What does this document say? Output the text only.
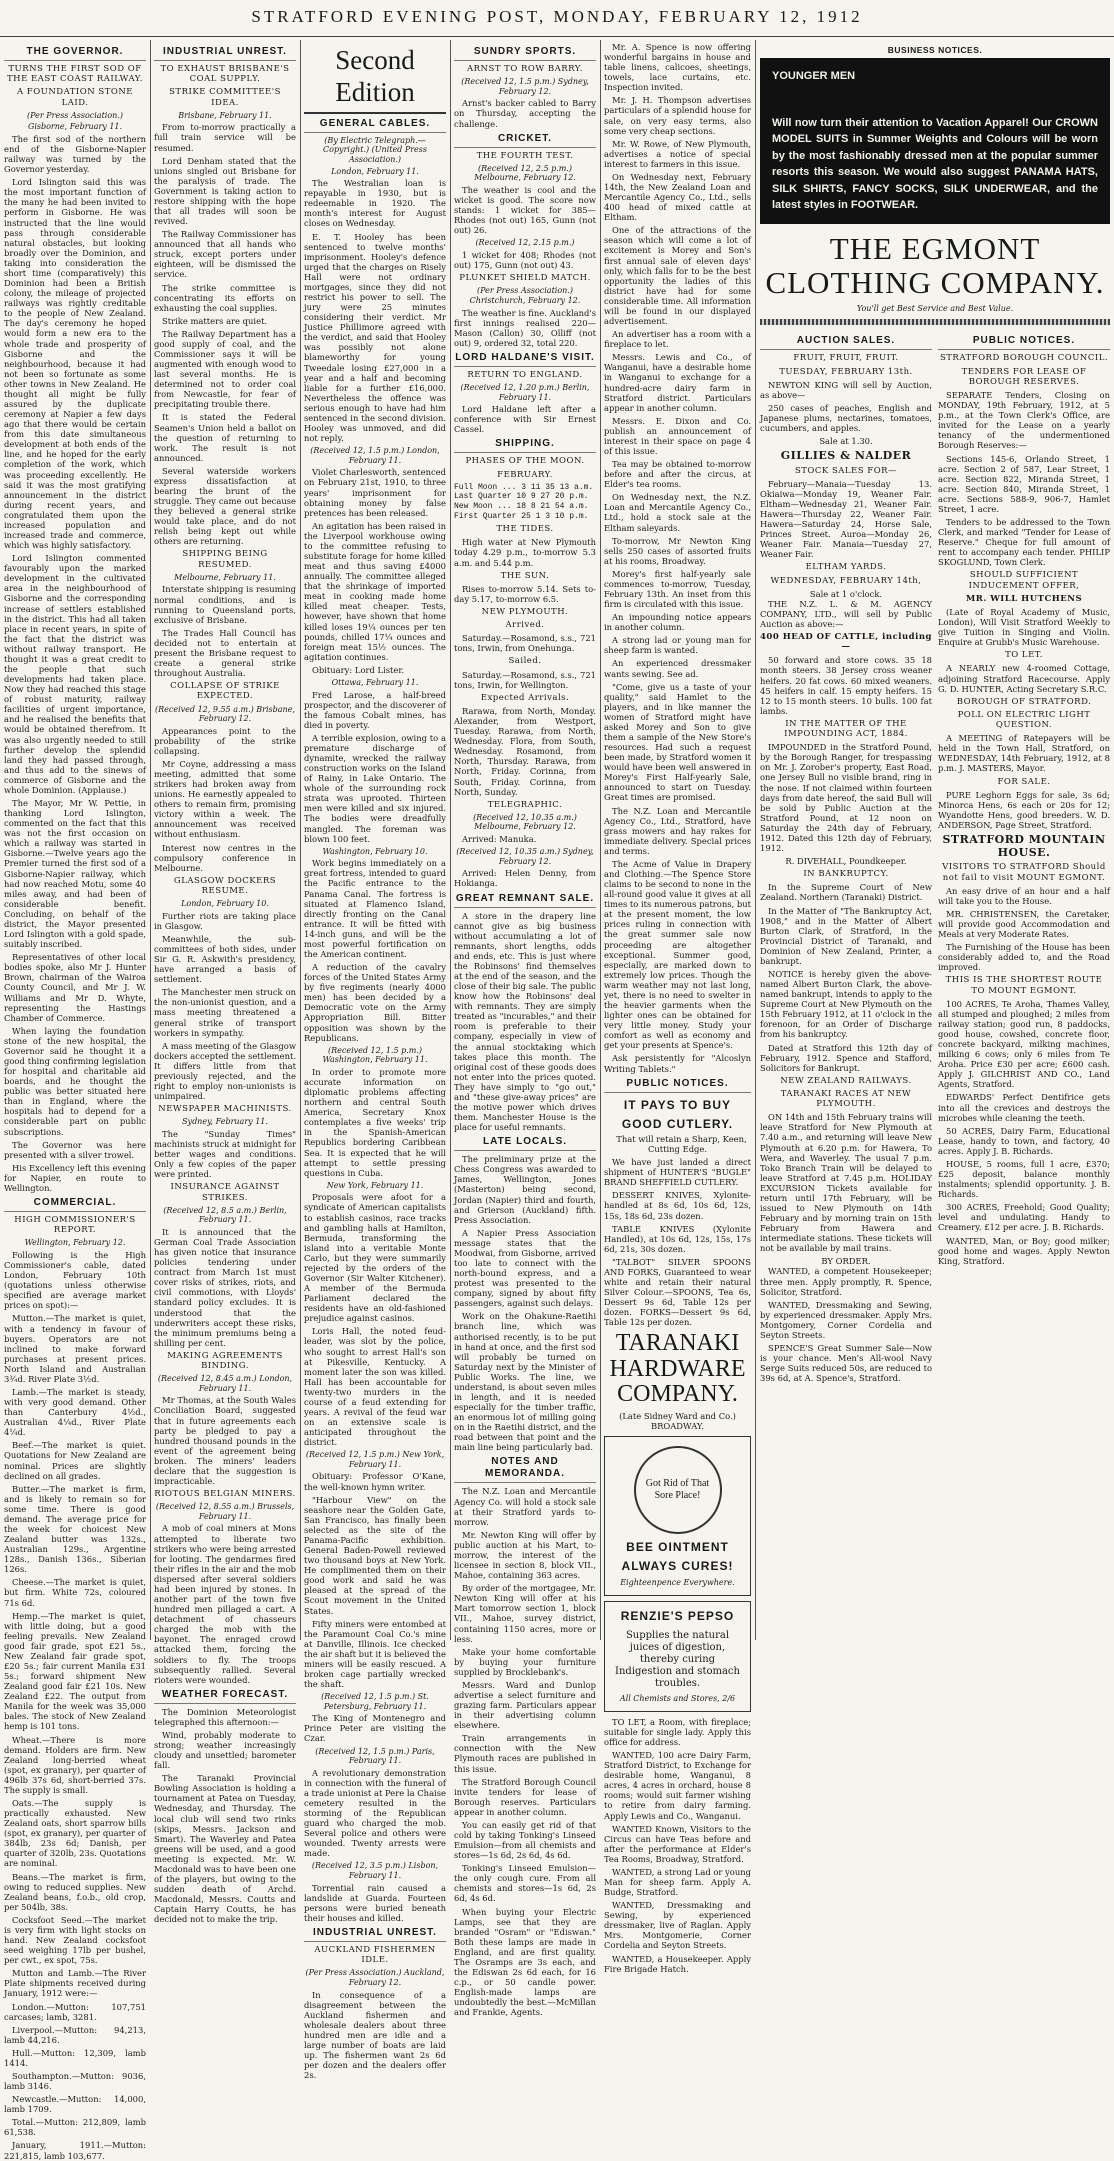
STRATFORD EVENING POST, MONDAY, FEBRUARY 12, 1912
THE GOVERNOR.
TURNS THE FIRST SOD OF THE EAST COAST RAILWAY.
A FOUNDATION STONE LAID.
(Per Press Association.)
Gisborne, February 11.

The first sod of the northern end of the Gisborne-Napier railway was turned by the Governor yesterday.

Lord Islington said this was the most important function of the many he had been invited to perform in Gisborne. He was instructed that the line would pass through considerable natural obstacles, but looking broadly over the Dominion, and taking into consideration the short time (comparatively) this Dominion had been a British colony, the mileage of projected railways was rightly creditable to the people of New Zealand. The day's ceremony he hoped would form a new era to the whole trade and prosperity of Gisborne and the neighbourhood, because it had not been so fortunate as some other towns in New Zealand. He thought all might be fully assured by the duplicate ceremony at Napier a few days ago that there would be certain from this date simultaneous development at both ends of the line, and he hoped for the early completion of the work, which was proceeding excellently. He said it was the most gratifying announcement in the district during recent years, and congratulated them upon the increased population and increased trade and commerce, which was highly satisfactory.

Lord Islington commented favourably upon the marked development in the cultivated area in the neighbourhood of Gisborne and the corresponding increase of settlers established in the district. This had all taken place in recent years, in spite of the fact that the district was without railway transport. He thought it was a great credit to the people that such developments had taken place. Now they had reached this stage of robust maturity, railway facilities of urgent importance, and he realised the benefits that would be obtained therefrom. It was also urgently needed to still further develop the splendid land they had passed through, and thus add to the sinews of commerce of Gisborne and the whole Dominion. (Applause.)

The Mayor, Mr W. Pettie, in thanking Lord Islington, commented on the fact that this was not the first occasion on which a railway was started in Gisborne.—Twelve years ago the Premier turned the first sod of a Gisborne-Napier railway, which had now reached Motu, some 40 miles away, and had been of considerable benefit. Concluding, on behalf of the district, the Mayor presented Lord Islington with a gold spade, suitably inscribed.

Representatives of other local bodies spoke, also Mr J. Hunter Brown, chairman of the Wairoa County Council, and Mr J. W. Williams and Mr D. Whyte, representing the Hastings Chamber of Commerce.

When laying the foundation stone of the new hospital, the Governor said he thought it a good thing confirming legislation for hospital and charitable aid boards, and he thought the public was better situated here than in England, where the hospitals had to depend for a considerable part on public subscriptions.

The Governor was here presented with a silver trowel.

His Excellency left this evening for Napier, en route to Wellington.

COMMERCIAL.
HIGH COMMISSIONER'S REPORT.
Wellington, February 12.

Following is the High Commissioner's cable, dated London, February 10th (quotations unless otherwise specified are average market prices on spot):—

Mutton.—The market is quiet, with a tendency in favour of buyers. Operators are not inclined to make forward purchases at present prices. North Island and Australian 3¾d. River Plate 3½d.

Lamb.—The market is steady, with very good demand. Other than Canterbury 4½d., Australian 4¼d., River Plate 4¼d.

Beef.—The market is quiet. Quotations for New Zealand are nominal. Prices are slightly declined on all grades.

Butter.—The market is firm, and is likely to remain so for some time. There is good demand. The average price for the week for choicest New Zealand butter was 132s., Australian 129s., Argentine 128s., Danish 136s., Siberian 126s.

Cheese.—The market is quiet, but firm. White 72s, coloured 71s 6d.

Hemp.—The market is quiet, with little doing, but a good feeling prevails. New Zealand good fair grade, spot £21 5s., New Zealand fair grade spot, £20 5s.; fair current Manila £31 5s.; forward shipment New Zealand good fair £21 10s. New Zealand £22. The output from Manila for the week was 35,000 bales. The stock of New Zealand hemp is 101 tons.

Wheat.—There is more demand. Holders are firm. New Zealand long-berried wheat (spot, ex granary), per quarter of 496lb 37s 6d, short-berried 37s. The supply is small.

Oats.—The supply is practically exhausted. New Zealand oats, short sparrow bills (spot, ex granary), per quarter of 384lb, 23s 6d; Danish, per quarter of 320lb, 23s. Quotations are nominal.

Beans.—The market is firm, owing to reduced supplies. New Zealand beans, f.o.b., old crop, per 504lb, 38s.

Cocksfoot Seed.—The market is very firm with light stocks on hand. New Zealand cocksfoot seed weighing 17lb per bushel, per cwt., ex spot, 75s.

Mutton and Lamb.—The River Plate shipments received during January, 1912 were:—

London.—Mutton: 107,751 carcases; lamb, 3281.

Liverpool.—Mutton: 94,213, lamb 44,216.

Hull.—Mutton: 12,309, lamb 1414.

Southampton.—Mutton: 9036, lamb 3146.

Newcastle.—Mutton: 14,000, lamb 1709.

Total.—Mutton: 212,809, lamb 61,538.

January, 1911.—Mutton: 221,815, lamb 103,677.

INDUSTRIAL UNREST.
TO EXHAUST BRISBANE'S COAL SUPPLY.
STRIKE COMMITTEE'S IDEA.
Brisbane, February 11.

From to-morrow practically a full train service will be resumed.

Lord Denham stated that the unions singled out Brisbane for the paralysis of trade. The Government is taking action to restore shipping with the hope that all trades will soon be revived.

The Railway Commissioner has announced that all hands who struck, except porters under eighteen, will be dismissed the service.

The strike committee is concentrating its efforts on exhausting the coal supplies.

Strike matters are quiet.

The Railway Department has a good supply of coal, and the Commissioner says it will be augmented with enough wood to last several months. He is determined not to order coal from Newcastle, for fear of precipitating trouble there.

It is stated the Federal Seamen's Union held a ballot on the question of returning to work. The result is not announced.

Several waterside workers express dissatisfaction at bearing the brunt of the struggle. They came out because they believed a general strike would take place, and do not relish being kept out while others are returning.

SHIPPING BEING RESUMED.
Melbourne, February 11.

Interstate shipping is resuming normal conditions, and is running to Queensland ports, exclusive of Brisbane.

The Trades Hall Council has decided not to entertain at present the Brisbane request to create a general strike throughout Australia.

COLLAPSE OF STRIKE EXPECTED.
(Received 12, 9.55 a.m.) Brisbane, February 12.

Appearances point to the probability of the strike collapsing.

Mr Coyne, addressing a mass meeting, admitted that some strikers had broken away from unions. He earnestly appealed to others to remain firm, promising victory within a week. The announcement was received without enthusiasm.

Interest now centres in the compulsory conference in Melbourne.

GLASGOW DOCKERS RESUME.
London, February 10.

Further riots are taking place in Glasgow.

Meanwhile, the sub-committees of both sides, under Sir G. R. Askwith's presidency, have arranged a basis of settlement.

The Manchester men struck on the non-unionist question, and a mass meeting threatened a general strike of transport workers in sympathy.

A mass meeting of the Glasgow dockers accepted the settlement. It differs little from that previously rejected, and the right to employ non-unionists is unimpaired.

NEWSPAPER MACHINISTS.
Sydney, February 11.

The "Sunday Times" machinists struck at midnight for better wages and conditions. Only a few copies of the paper were printed.

INSURANCE AGAINST STRIKES.
(Received 12, 8.5 a.m.) Berlin, February 11.

It is announced that the German Coal Trade Association has given notice that insurance policies tendering under contract from March 1st must cover risks of strikes, riots, and civil commotions, with Lloyds' standard policy excludes. It is understood that the underwriters accept these risks, the minimum premiums being a shilling per cent.

MAKING AGREEMENTS BINDING.
(Received 12, 8.45 a.m.) London, February 11.

Mr Thomas, at the South Wales Conciliation Board, suggested that in future agreements each party be pledged to pay a hundred thousand pounds in the event of the agreement being broken. The miners' leaders declare that the suggestion is impracticable.

RIOTOUS BELGIAN MINERS.
(Received 12, 8.55 a.m.) Brussels, February 11.

A mob of coal miners at Mons attempted to liberate two strikers who were being arrested for looting. The gendarmes fired their rifles in the air and the mob dispersed after several soldiers had been injured by stones. In another part of the town five hundred men pillaged a cart. A detachment of chasseurs charged the mob with the bayonet. The enraged crowd attacked them, forcing the soldiers to fly. The troops subsequently rallied. Several rioters were wounded.

WEATHER FORECAST.

The Dominion Meteorologist telegraphed this afternoon:—

Wind, probably moderate to strong; weather increasingly cloudy and unsettled; barometer fall.

The Taranaki Provincial Bowling Association is holding a tournament at Patea on Tuesday, Wednesday, and Thursday. The local club will send two rinks (skips, Messrs. Jackson and Smart). The Waverley and Patea greens will be used, and a good meeting is expected. Mr. W. Macdonald was to have been one of the players, but owing to the sudden death of Archd. Macdonald, Messrs. Coutts and Captain Harry Coutts, he has decided not to make the trip.

Second Edition
GENERAL CABLES.
(By Electric Telegraph.—Copyright.) (United Press Association.)
London, February 11.

The Westralian loan is repayable in 1930, but is redeemable in 1920. The month's interest for August closes on Wednesday.

E. T. Hooley has been sentenced to twelve months' imprisonment. Hooley's defence urged that the charges on Risely Hall were not ordinary mortgages, since they did not restrict his power to sell. The jury were 25 minutes considering their verdict. Mr Justice Phillimore agreed with the verdict, and said that Hooley was possibly not alone blameworthy for young Tweedale losing £27,000 in a year and a half and becoming liable for a further £16,000. Nevertheless the offence was serious enough to have had him sentenced in the second division. Hooley was unmoved, and did not reply.

(Received 12, 1.5 p.m.) London, February 11.

Violet Charlesworth, sentenced on February 21st, 1910, to three years' imprisonment for obtaining money by false pretences has been released.

An agitation has been raised in the Liverpool workhouse owing to the committee refusing to substitute forage for home killed meat and thus saving £4000 annually. The committee alleged that the shrinkage of imported meat in cooking made home killed meat cheaper. Tests, however, have shown that home killed loses 19¼ ounces per ten pounds, chilled 17¼ ounces and foreign meat 15½ ounces. The agitation continues.

Obituary: Lord Lister.

Ottawa, February 11.

Fred Larose, a half-breed prospector, and the discoverer of the famous Cobalt mines, has died in poverty.

A terrible explosion, owing to a premature discharge of dynamite, wrecked the railway construction works on the Island of Rainy, in Lake Ontario. The whole of the surrounding rock strata was uprooted. Thirteen men were killed and six injured. The bodies were dreadfully mangled. The foreman was blown 100 feet.

Washington, February 10.

Work begins immediately on a great fortress, intended to guard the Pacific entrance to the Panama Canal. The fortress is situated at Flamenco Island, directly fronting on the Canal entrance. It will be fitted with 14-inch guns, and will be the most powerful fortification on the American continent.

A reduction of the cavalry forces of the United States Army by five regiments (nearly 4000 men) has been decided by a Democratic vote on the Army Appropriation Bill. Bitter opposition was shown by the Republicans.

(Received 12, 1.5 p.m.) Washington, February 11.

In order to promote more accurate information on diplomatic problems affecting northern and central South America, Secretary Knox contemplates a five weeks' trip in the Spanish-American Republics bordering Caribbean Sea. It is expected that he will attempt to settle pressing questions in Cuba.

New York, February 11.

Proposals were afoot for a syndicate of American capitalists to establish casinos, race tracks and gambling halls at Hamilton, Bermuda, transforming the island into a veritable Monte Carlo, but they were summarily rejected by the orders of the Governor (Sir Walter Kitchener). A member of the Bermuda Parliament declared the residents have an old-fashioned prejudice against casinos.

Loris Hall, the noted feud-leader, was slot by the police, who sought to arrest Hall's son at Pikesville, Kentucky. A moment later the son was killed. Hall has been accountable for twenty-two murders in the course of a feud extending for years. A revival of the feud war on an extensive scale is anticipated throughout the district.

(Received 12, 1.5 p.m.) New York, February 11.

Obituary: Professor O'Kane, the well-known hymn writer.

"Harbour View" on the seashore near the Golden Gate, San Francisco, has finally been selected as the site of the Panama-Pacific exhibition. General Baden-Powell reviewed two thousand boys at New York. He complimented them on their good work and said he was pleased at the spread of the Scout movement in the United States.

Fifty miners were entombed at the Paramount Coal Co.'s mine at Danville, Illinois. Ice checked the air shaft but it is believed the miners will be easily rescued. A broken cage partially wrecked the shaft.

(Received 12, 1.5 p.m.) St. Petersburg, February 11.

The King of Montenegro and Prince Peter are visiting the Czar.

(Received 12, 1.5 p.m.) Paris, February 11.

A revolutionary demonstration in connection with the funeral of a trade unionist at Pere la Chaise cemetery resulted in the storming of the Republican guard who charged the mob. Several police and others were wounded. Twenty arrests were made.

(Received 12, 3.5 p.m.) Lisbon, February 11.

Torrential rain caused a landslide at Guarda. Fourteen persons were buried beneath their houses and killed.

INDUSTRIAL UNREST.
AUCKLAND FISHERMEN IDLE.
(Per Press Association.) Auckland, February 12.

In consequence of a disagreement between the Auckland fishermen and wholesale dealers about three hundred men are idle and a large number of boats are laid up. The fishermen want 2s 6d per dozen and the dealers offer 2s.

SUNDRY SPORTS.
ARNST TO ROW BARRY.
(Received 12, 1.5 p.m.) Sydney, February 12.

Arnst's backer cabled to Barry on Thursday, accepting the challenge.

CRICKET.
THE FOURTH TEST.
(Received 12, 2.5 p.m.) Melbourne, February 12.

The weather is cool and the wicket is good. The score now stands: 1 wicket for 385—Rhodes (not out) 165, Gunn (not out) 26.

(Received 12, 2.15 p.m.)

1 wicket for 408; Rhodes (not out) 175, Gunn (not out) 43.

PLUNKET SHIELD MATCH.
(Per Press Association.) Christchurch, February 12.

The weather is fine. Auckland's first innings realised 220—Mason (Callon) 30, Olliff (not out) 9, ordered 32, total 220.

LORD HALDANE'S VISIT.
RETURN TO ENGLAND.
(Received 12, 1.20 p.m.) Berlin, February 11.

Lord Haldane left after a conference with Sir Ernest Cassel.

SHIPPING.
PHASES OF THE MOON.
FEBRUARY.
Full Moon ... 3 11 35 13 a.m.
Last Quarter 10 9 27 20 p.m.
New Moon ... 18 8 21 54 a.m.
First Quarter 25 1 3 10 p.m.
THE TIDES.

High water at New Plymouth today 4.29 p.m., to-morrow 5.3 a.m. and 5.44 p.m.

THE SUN.

Rises to-morrow 5.14. Sets to-day 5.17, to-morrow 6.5.

NEW PLYMOUTH.
Arrived.

Saturday.—Rosamond, s.s., 721 tons, Irwin, from Onehunga.

Sailed.

Saturday.—Rosamond, s.s., 721 tons, Irwin, for Wellington.

Expected Arrivals.

Rarawa, from North, Monday. Alexander, from Westport, Tuesday. Rarawa, from North, Wednesday. Flora, from South, Wednesday. Rosamond, from North, Thursday. Rarawa, from North, Friday. Corinna, from South, Friday. Corinna, from North, Sunday.

TELEGRAPHIC.
(Received 12, 10.35 a.m.) Melbourne, February 12.

Arrived: Manuka.

(Received 12, 10.35 a.m.) Sydney, February 12.

Arrived: Helen Denny, from Hokianga.

GREAT REMNANT SALE.

A store in the drapery line cannot give as big business without accumulating a lot of remnants, short lengths, odds and ends, etc. This is just where the Robinsons' find themselves at the end of the season, and the close of their big sale. The public know how the Robinsons' deal with remnants. They are simply treated as "incurables," and their room is preferable to their company, especially in view of the annual stocktaking which takes place this month. The original cost of these goods does not enter into the prices quoted. They have simply to "go out," and "these give-away prices" are the motive power which drives them. Manchester House is the place for useful remnants.

LATE LOCALS.

The preliminary prize at the Chess Congress was awarded to James, Wellington, Jones (Masterton) being second, Jordan (Napier) third and fourth, and Grierson (Auckland) fifth. Press Association.

A Napier Press Association message states that the Moodwai, from Gisborne, arrived too late to connect with the north-bound express, and a protest was presented to the company, signed by about fifty passengers, against such delays.

Work on the Ohakune-Raetihi branch line, which was authorised recently, is to be put in hand at once, and the first sod will probably be turned on Saturday next by the Minister of Public Works. The line, we understand, is about seven miles in length, and it is needed especially for the timber traffic, an enormous lot of milling going on in the Raetihi district, and the road between that point and the main line being particularly bad.

NOTES AND MEMORANDA.

The N.Z. Loan and Mercantile Agency Co. will hold a stock sale at their Stratford yards to-morrow.

Mr. Newton King will offer by public auction at his Mart, to-morrow, the interest of the licensee in section 8, block VII., Mahoe, containing 363 acres.

By order of the mortgagee, Mr. Newton King will offer at his Mart tomorrow section 1, block VII., Mahoe, survey district, containing 1150 acres, more or less.

Make your home comfortable by buying your furniture supplied by Brocklebank's.

Messrs. Ward and Dunlop advertise a select furniture and grazing farm. Particulars appear in their advertising column elsewhere.

Train arrangements in connection with the New Plymouth races are published in this issue.

The Stratford Borough Council invite tenders for lease of Borough reserves. Particulars appear in another column.

You can easily get rid of that cold by taking Tonking's Linseed Emulsion—from all chemists and stores—1s 6d, 2s 6d, 4s 6d.

Tonking's Linseed Emulsion—the only cough cure. From all chemists and stores—1s 6d, 2s 6d, 4s 6d.

When buying your Electric Lamps, see that they are branded "Osram" or "Ediswan." Both these lamps are made in England, and are first quality. The Osramps are 3s each, and the Ediswan 2s 6d each, for 16 c.p., or 50 candle power. English-made lamps are undoubtedly the best.—McMillan and Frankie, Agents.

Mr. A. Spence is now offering wonderful bargains in house and table linens, calicoes, sheetings, towels, lace curtains, etc. Inspection invited.

Mr. J. H. Thompson advertises particulars of a splendid house for sale, on very easy terms, also some very cheap sections.

Mr. W. Rowe, of New Plymouth, advertises a notice of special interest to farmers in this issue.

On Wednesday next, February 14th, the New Zealand Loan and Mercantile Agency Co., Ltd., sells 400 head of mixed cattle at Eltham.

One of the attractions of the season which will come a lot of excitement is Morey and Son's first annual sale of eleven days' only, which falls for to be the best opportunity the ladies of this district have had for some considerable time. All information will be found in our displayed advertisement.

An advertiser has a room with a fireplace to let.

Messrs. Lewis and Co., of Wanganui, have a desirable home in Wanganui to exchange for a hundred-acre dairy farm in Stratford district. Particulars appear in another column.

Messrs. E. Dixon and Co. publish an announcement of interest in their space on page 4 of this issue.

Tea may be obtained to-morrow before and after the circus, at Elder's tea rooms.

On Wednesday next, the N.Z. Loan and Mercantile Agency Co., Ltd., hold a stock sale at the Eltham saleyards.

To-morrow, Mr Newton King sells 250 cases of assorted fruits at his rooms, Broadway.

Morey's first half-yearly sale commences to-morrow, Tuesday, February 13th. An inset from this firm is circulated with this issue.

An impounding notice appears in another column.

A strong lad or young man for sheep farm is wanted.

An experienced dressmaker wants sewing. See ad.

"Come, give us a taste of your quality," said Hamlet to the players, and in like manner the women of Stratford might have asked Morey and Son to give them a sample of the New Store's resources. Had such a request been made, by Stratford women it would have been well answered in Morey's First Half-yearly Sale, announced to start on Tuesday. Great times are promised.

The N.Z. Loan and Mercantile Agency Co., Ltd., Stratford, have grass mowers and hay rakes for immediate delivery. Special prices and terms.

The Acme of Value in Drapery and Clothing.—The Spence Store claims to be second to none in the all-round good value it gives at all times to its numerous patrons, but at the present moment, the low prices ruling in connection with the great summer sale now proceeding are altogether exceptional. Summer good, especially, are marked down to extremely low prices. Though the warm weather may not last long, yet, there is no need to swelter in the heavier garments when the lighter ones can be obtained for very little money. Study your comfort as well as economy and get your presents at Spence's.

Ask persistently for "Alcoslyn Writing Tablets."

PUBLIC NOTICES.
IT PAYS TO BUY GOOD CUTLERY.

That will retain a Sharp, Keen, Cutting Edge.

We have just landed a direct shipment of HUNTER'S "BUGLE" BRAND SHEFFIELD CUTLERY.

DESSERT KNIVES, Xylonite-handled at 8s 6d, 10s 6d, 12s, 15s, 18s 6d, 23s dozen.

TABLE KNIVES (Xylonite Handled), at 10s 6d, 12s, 15s, 17s 6d, 21s, 30s dozen.

"TALBOT" SILVER SPOONS AND FORKS, Guaranteed to wear white and retain their natural Silver Colour.—SPOONS, Tea 6s, Dessert 9s 6d, Table 12s per dozen. FORKS—Dessert 9s 6d, Table 12s per dozen.

TARANAKI HARDWARE COMPANY.
(Late Sidney Ward and Co.)
BROADWAY.
Got Rid of That Sore Place!
BEE OINTMENT ALWAYS CURES!
Eighteenpence Everywhere.
RENZIE'S PEPSO
Supplies the natural juices of digestion, thereby curing Indigestion and stomach troubles.
All Chemists and Stores, 2/6

TO LET, a Room, with fireplace; suitable for single lady. Apply this office for address.

WANTED, 100 acre Dairy Farm, Stratford District, to Exchange for desirable home, Wanganui, 8 acres, 4 acres in orchard, house 8 rooms; would suit farmer wishing to retire from dairy farming. Apply Lewis and Co., Wanganui.

WANTED Known, Visitors to the Circus can have Teas before and after the performance at Elder's Tea Rooms, Broadway, Stratford.

WANTED, a strong Lad or young Man for sheep farm. Apply A. Budge, Stratford.

WANTED, Dressmaking and Sewing, by experienced dressmaker, live of Raglan. Apply Mrs. Montgomerie, Corner Cordelia and Seyton Streets.

WANTED, a Housekeeper. Apply Fire Brigade Hatch.

BUSINESS NOTICES.
YOUNGER MEN
Will now turn their attention to Vacation Apparel! Our CROWN MODEL SUITS in Summer Weights and Colours will be worn by the most fashionably dressed men at the popular summer resorts this season. We would also suggest PANAMA HATS, SILK SHIRTS, FANCY SOCKS, SILK UNDERWEAR, and the latest styles in FOOTWEAR.
THE EGMONT CLOTHING COMPANY.
You'll get Best Service and Best Value.
AUCTION SALES.
FRUIT, FRUIT, FRUIT.
TUESDAY, FEBRUARY 13th.

NEWTON KING will sell by Auction, as above—

250 cases of peaches, English and Japanese plums, nectarines, tomatoes, cucumbers, and apples.

Sale at 1.30.
GILLIES & NALDER
STOCK SALES FOR—

February—Manaia—Tuesday 13. Okiaiwa—Monday 19, Weaner Fair. Eltham—Wednesday 21, Weaner Fair. Hawera—Thursday 22, Weaner Fair. Hawera—Saturday 24, Horse Sale, Princes Street. Auroa—Monday 26, Weaner Fair. Manaia—Tuesday 27, Weaner Fair.

ELTHAM YARDS.
WEDNESDAY, FEBRUARY 14th,
Sale at 1 o'clock.

THE N.Z. L. & M. AGENCY COMPANY, LTD., will sell by Public Auction as above:—

400 HEAD OF CATTLE, including—

50 forward and store cows. 35 18 month steers. 38 Jersey cross weaner heifers. 20 fat cows. 60 mixed weaners. 45 heifers in calf. 15 empty heifers. 15 12 to 15 month steers. 10 bulls. 100 fat lambs.

IN THE MATTER OF THE IMPOUNDING ACT, 1884.

IMPOUNDED in the Stratford Pound, by the Borough Ranger, for trespassing on Mr. J. Zorober's property, East Road, one Jersey Bull no visible brand, ring in the nose. If not claimed within fourteen days from date hereof, the said Bull will be sold by Public Auction at the Stratford Pound, at 12 noon on Saturday the 24th day of February, 1912. Dated this 12th day of February, 1912.

R. DIVEHALL, Poundkeeper.
IN BANKRUPTCY.

In the Supreme Court of New Zealand. Northern (Taranaki) District.

In the Matter of "The Bankruptcy Act, 1908," and in the Matter of Albert Burton Clark, of Stratford, in the Provincial District of Taranaki, and Dominion of New Zealand, Printer, a bankrupt.

NOTICE is hereby given the above-named Albert Burton Clark, the above-named bankrupt, intends to apply to the Supreme Court at New Plymouth on the 15th February 1912, at 11 o'clock in the forenoon, for an Order of Discharge from his bankruptcy.

Dated at Stratford this 12th day of February, 1912. Spence and Stafford, Solicitors for Bankrupt.

NEW ZEALAND RAILWAYS.
TARANAKI RACES AT NEW PLYMOUTH.

ON 14th and 15th February trains will leave Stratford for New Plymouth at 7.40 a.m., and returning will leave New Plymouth at 6.20 p.m. for Hawera, To Wera, and Waverley. The usual 7 p.m. Toko Branch Train will be delayed to leave Stratford at 7.45 p.m. HOLIDAY EXCURSION Tickets available for return until 17th February, will be issued to New Plymouth on 14th February and by morning train on 15th February from Hawera and intermediate stations. These tickets will not be available by mail trains.

BY ORDER.

WANTED, a competent Housekeeper; three men. Apply promptly, R. Spence, Solicitor, Stratford.

WANTED, Dressmaking and Sewing, by experienced dressmaker. Apply Mrs. Montgomery, Corner Cordelia and Seyton Streets.

SPENCE'S Great Summer Sale—Now is your chance. Men's All-wool Navy Serge Suits reduced 50s, are reduced to 39s 6d, at A. Spence's, Stratford.

PUBLIC NOTICES.
STRATFORD BOROUGH COUNCIL.
TENDERS FOR LEASE OF BOROUGH RESERVES.

SEPARATE Tenders, Closing on MONDAY, 19th February, 1912, at 5 p.m., at the Town Clerk's Office, are invited for the Lease on a yearly tenancy of the undermentioned Borough Reserves:—

Sections 145-6, Orlando Street, 1 acre. Section 2 of 587, Lear Street, 1 acre. Section 822, Miranda Street, 1 acre. Section 840, Miranda Street, 1 acre. Sections 588-9, 906-7, Hamlet Street, 1 acre.

Tenders to be addressed to the Town Clerk, and marked "Tender for Lease of Reserve." Cheque for full amount of rent to accompany each tender. PHILIP SKOGLUND, Town Clerk.

SHOULD SUFFICIENT INDUCEMENT OFFER,
MR. WILL HUTCHENS

(Late of Royal Academy of Music, London), Will Visit Stratford Weekly to give Tuition in Singing and Violin. Enquire at Grubb's Music Warehouse.

TO LET.

A NEARLY new 4-roomed Cottage, adjoining Stratford Racecourse. Apply G. D. HUNTER, Acting Secretary S.R.C.

BOROUGH OF STRATFORD.
POLL ON ELECTRIC LIGHT QUESTION.

A MEETING of Ratepayers will be held in the Town Hall, Stratford, on WEDNESDAY, 14th February, 1912, at 8 p.m. J. MASTERS, Mayor.

FOR SALE.

PURE Leghorn Eggs for sale, 3s 6d; Minorca Hens, 6s each or 20s for 12; Wyandotte Hens, good breeders. W. D. ANDERSON, Page Street, Stratford.

STRATFORD MOUNTAIN HOUSE.
VISITORS TO STRATFORD Should not fail to visit MOUNT EGMONT.

An easy drive of an hour and a half will take you to the House.

MR. CHRISTENSEN, the Caretaker, will provide good Accommodation and Meals at very Moderate Rates.

The Furnishing of the House has been considerably added to, and the Road improved.

THIS IS THE SHORTEST ROUTE TO MOUNT EGMONT.

100 ACRES, Te Aroha, Thames Valley, all stumped and ploughed; 2 miles from railway station; good run, 8 paddocks, good house, cowshed, concrete floor, concrete backyard, milking machines, milking 6 cows; only 6 miles from Te Aroha. Price £30 per acre; £600 cash. Apply J. GILCHRIST AND CO., Land Agents, Stratford.

EDWARDS' Perfect Dentifrice gets into all the crevices and destroys the microbes while cleaning the teeth.

50 ACRES, Dairy Farm, Educational Lease, handy to town, and factory, 40 acres. Apply J. B. Richards.

HOUSE, 5 rooms, full 1 acre, £370; £25 deposit, balance monthly instalments; splendid opportunity. J. B. Richards.

300 ACRES, Freehold; Good Quality; level and undulating. Handy to Creamery. £12 per acre. J. B. Richards.

WANTED, Man, or Boy; good milker; good home and wages. Apply Newton King, Stratford.
